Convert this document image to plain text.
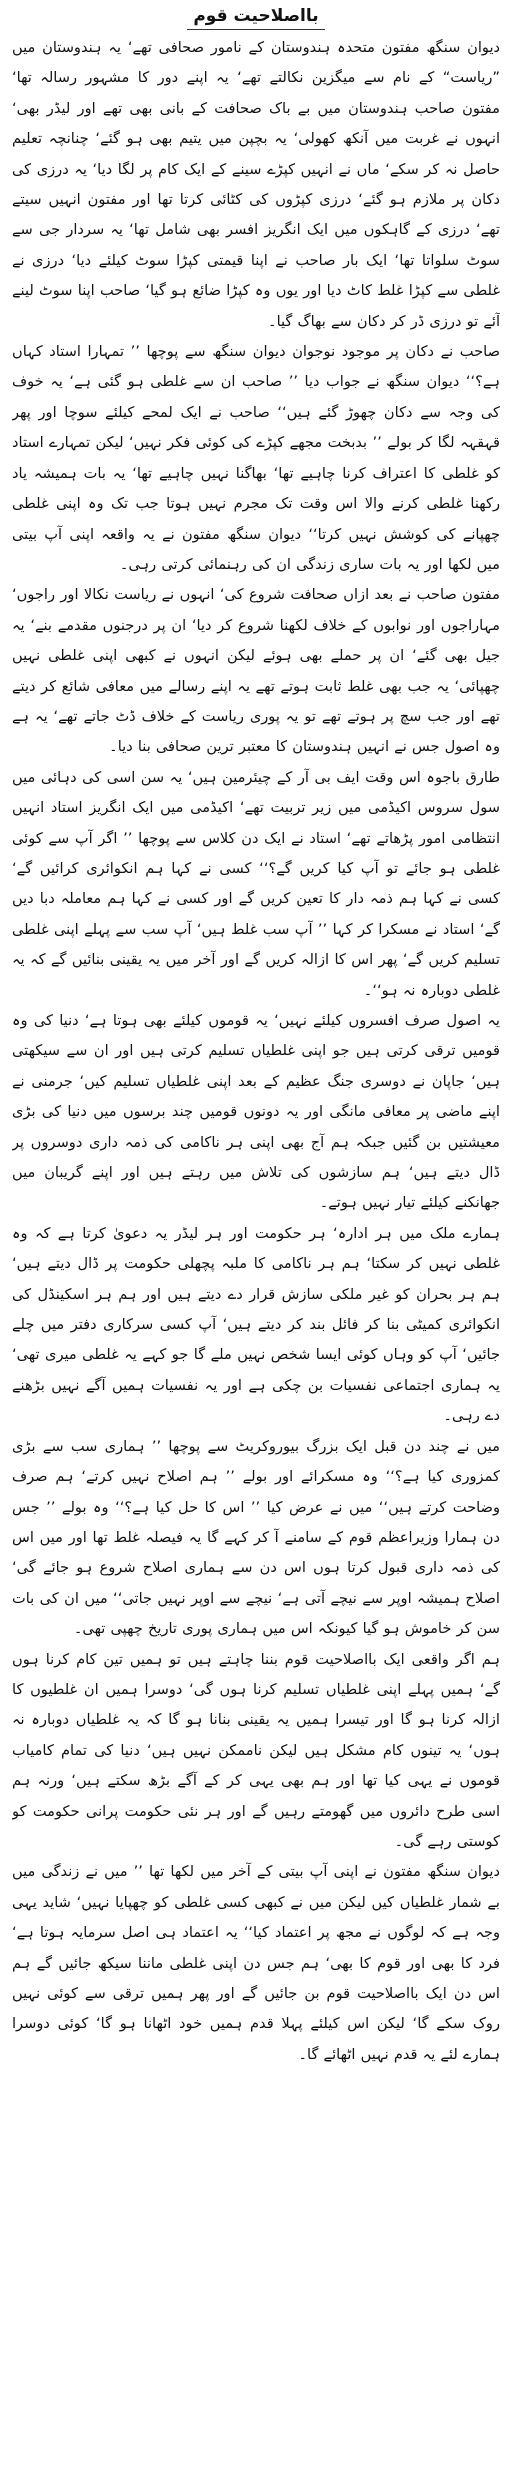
بااصلاحیت قوم

دیوان سنگھ مفتون متحدہ ہندوستان کے نامور صحافی تھے‘ یہ ہندوستان میں ”ریاست“ کے نام سے میگزین نکالتے تھے‘ یہ اپنے دور کا مشہور رسالہ تھا‘ مفتون صاحب ہندوستان میں بے باک صحافت کے بانی بھی تھے اور لیڈر بھی‘ انہوں نے غربت میں آنکھ کھولی‘ یہ بچپن میں یتیم بھی ہو گئے‘ چنانچہ تعلیم حاصل نہ کر سکے‘ ماں نے انہیں کپڑے سینے کے ایک کام پر لگا دیا‘ یہ درزی کی دکان پر ملازم ہو گئے‘ درزی کپڑوں کی کٹائی کرتا تھا اور مفتون انہیں سیتے تھے‘ درزی کے گاہکوں میں ایک انگریز افسر بھی شامل تھا‘ یہ سردار جی سے سوٹ سلواتا تھا‘ ایک بار صاحب نے اپنا قیمتی کپڑا سوٹ کیلئے دیا‘ درزی نے غلطی سے کپڑا غلط کاٹ دیا اور یوں وہ کپڑا ضائع ہو گیا‘ صاحب اپنا سوٹ لینے آئے تو درزی ڈر کر دکان سے بھاگ گیا۔

صاحب نے دکان پر موجود نوجوان دیوان سنگھ سے پوچھا ’’ تمہارا استاد کہاں ہے؟‘‘ دیوان سنگھ نے جواب دیا ’’ صاحب ان سے غلطی ہو گئی ہے‘ یہ خوف کی وجہ سے دکان چھوڑ گئے ہیں‘‘ صاحب نے ایک لمحے کیلئے سوچا اور پھر قہقہہ لگا کر بولے ’’ بدبخت مجھے کپڑے کی کوئی فکر نہیں‘ لیکن تمہارے استاد کو غلطی کا اعتراف کرنا چاہیے تھا‘ بھاگنا نہیں چاہیے تھا‘ یہ بات ہمیشہ یاد رکھنا غلطی کرنے والا اس وقت تک مجرم نہیں ہوتا جب تک وہ اپنی غلطی چھپانے کی کوشش نہیں کرتا‘‘ دیوان سنگھ مفتون نے یہ واقعہ اپنی آپ بیتی میں لکھا اور یہ بات ساری زندگی ان کی رہنمائی کرتی رہی۔

مفتون صاحب نے بعد ازاں صحافت شروع کی‘ انہوں نے ریاست نکالا اور راجوں‘ مہاراجوں اور نوابوں کے خلاف لکھنا شروع کر دیا‘ ان پر درجنوں مقدمے بنے‘ یہ جیل بھی گئے‘ ان پر حملے بھی ہوئے لیکن انہوں نے کبھی اپنی غلطی نہیں چھپائی‘ یہ جب بھی غلط ثابت ہوتے تھے یہ اپنے رسالے میں معافی شائع کر دیتے تھے اور جب سچ پر ہوتے تھے تو یہ پوری ریاست کے خلاف ڈٹ جاتے تھے‘ یہ ہے وہ اصول جس نے انہیں ہندوستان کا معتبر ترین صحافی بنا دیا۔

طارق باجوہ اس وقت ایف بی آر کے چیئرمین ہیں‘ یہ سن اسی کی دہائی میں سول سروس اکیڈمی میں زیر تربیت تھے‘ اکیڈمی میں ایک انگریز استاد انہیں انتظامی امور پڑھاتے تھے‘ استاد نے ایک دن کلاس سے پوچھا ’’ اگر آپ سے کوئی غلطی ہو جائے تو آپ کیا کریں گے؟‘‘ کسی نے کہا ہم انکوائری کرائیں گے‘ کسی نے کہا ہم ذمہ دار کا تعین کریں گے اور کسی نے کہا ہم معاملہ دبا دیں گے‘ استاد نے مسکرا کر کہا ’’ آپ سب غلط ہیں‘ آپ سب سے پہلے اپنی غلطی تسلیم کریں گے‘ پھر اس کا ازالہ کریں گے اور آخر میں یہ یقینی بنائیں گے کہ یہ غلطی دوبارہ نہ ہو‘‘۔

یہ اصول صرف افسروں کیلئے نہیں‘ یہ قوموں کیلئے بھی ہوتا ہے‘ دنیا کی وہ قومیں ترقی کرتی ہیں جو اپنی غلطیاں تسلیم کرتی ہیں اور ان سے سیکھتی ہیں‘ جاپان نے دوسری جنگ عظیم کے بعد اپنی غلطیاں تسلیم کیں‘ جرمنی نے اپنے ماضی پر معافی مانگی اور یہ دونوں قومیں چند برسوں میں دنیا کی بڑی معیشتیں بن گئیں جبکہ ہم آج بھی اپنی ہر ناکامی کی ذمہ داری دوسروں پر ڈال دیتے ہیں‘ ہم سازشوں کی تلاش میں رہتے ہیں اور اپنے گریبان میں جھانکنے کیلئے تیار نہیں ہوتے۔

ہمارے ملک میں ہر ادارہ‘ ہر حکومت اور ہر لیڈر یہ دعویٰ کرتا ہے کہ وہ غلطی نہیں کر سکتا‘ ہم ہر ناکامی کا ملبہ پچھلی حکومت پر ڈال دیتے ہیں‘ ہم ہر بحران کو غیر ملکی سازش قرار دے دیتے ہیں اور ہم ہر اسکینڈل کی انکوائری کمیٹی بنا کر فائل بند کر دیتے ہیں‘ آپ کسی سرکاری دفتر میں چلے جائیں‘ آپ کو وہاں کوئی ایسا شخص نہیں ملے گا جو کہے یہ غلطی میری تھی‘ یہ ہماری اجتماعی نفسیات بن چکی ہے اور یہ نفسیات ہمیں آگے نہیں بڑھنے دے رہی۔

میں نے چند دن قبل ایک بزرگ بیوروکریٹ سے پوچھا ’’ ہماری سب سے بڑی کمزوری کیا ہے؟‘‘ وہ مسکرائے اور بولے ’’ ہم اصلاح نہیں کرتے‘ ہم صرف وضاحت کرتے ہیں‘‘ میں نے عرض کیا ’’ اس کا حل کیا ہے؟‘‘ وہ بولے ’’ جس دن ہمارا وزیراعظم قوم کے سامنے آ کر کہے گا یہ فیصلہ غلط تھا اور میں اس کی ذمہ داری قبول کرتا ہوں اس دن سے ہماری اصلاح شروع ہو جائے گی‘ اصلاح ہمیشہ اوپر سے نیچے آتی ہے‘ نیچے سے اوپر نہیں جاتی‘‘ میں ان کی بات سن کر خاموش ہو گیا کیونکہ اس میں ہماری پوری تاریخ چھپی تھی۔

ہم اگر واقعی ایک بااصلاحیت قوم بننا چاہتے ہیں تو ہمیں تین کام کرنا ہوں گے‘ ہمیں پہلے اپنی غلطیاں تسلیم کرنا ہوں گی‘ دوسرا ہمیں ان غلطیوں کا ازالہ کرنا ہو گا اور تیسرا ہمیں یہ یقینی بنانا ہو گا کہ یہ غلطیاں دوبارہ نہ ہوں‘ یہ تینوں کام مشکل ہیں لیکن ناممکن نہیں ہیں‘ دنیا کی تمام کامیاب قوموں نے یہی کیا تھا اور ہم بھی یہی کر کے آگے بڑھ سکتے ہیں‘ ورنہ ہم اسی طرح دائروں میں گھومتے رہیں گے اور ہر نئی حکومت پرانی حکومت کو کوستی رہے گی۔

دیوان سنگھ مفتون نے اپنی آپ بیتی کے آخر میں لکھا تھا ’’ میں نے زندگی میں بے شمار غلطیاں کیں لیکن میں نے کبھی کسی غلطی کو چھپایا نہیں‘ شاید یہی وجہ ہے کہ لوگوں نے مجھ پر اعتماد کیا‘‘ یہ اعتماد ہی اصل سرمایہ ہوتا ہے‘ فرد کا بھی اور قوم کا بھی‘ ہم جس دن اپنی غلطی ماننا سیکھ جائیں گے ہم اس دن ایک بااصلاحیت قوم بن جائیں گے اور پھر ہمیں ترقی سے کوئی نہیں روک سکے گا‘ لیکن اس کیلئے پہلا قدم ہمیں خود اٹھانا ہو گا‘ کوئی دوسرا ہمارے لئے یہ قدم نہیں اٹھائے گا۔
